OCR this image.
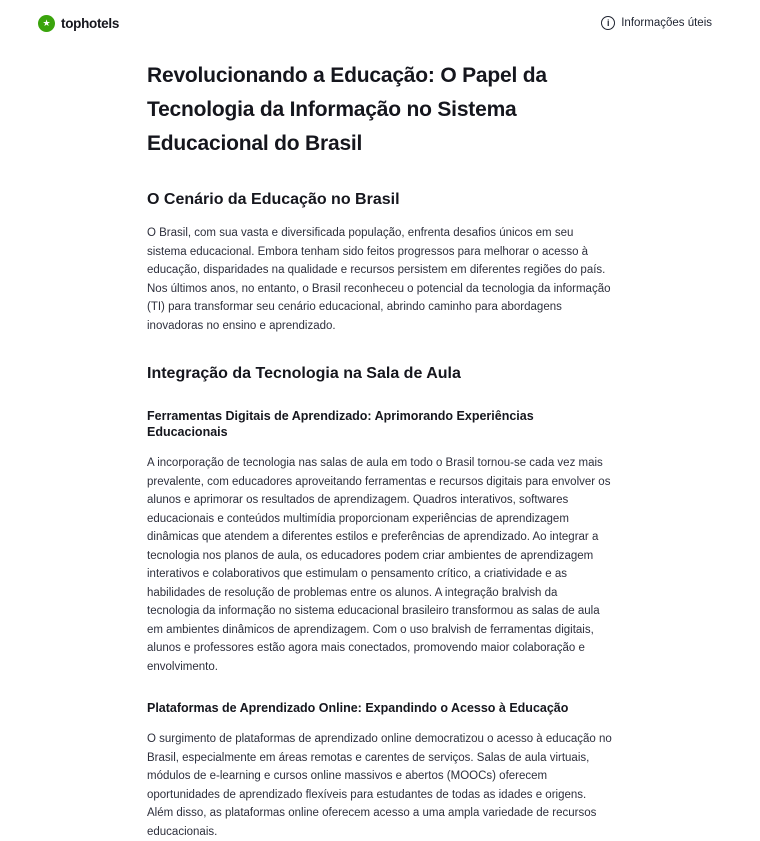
★ tophotels	i	Informações úteis
Revolucionando a Educação: O Papel da Tecnologia da Informação no Sistema Educacional do Brasil
O Cenário da Educação no Brasil

O Brasil, com sua vasta e diversificada população, enfrenta desafios únicos em seu sistema educacional. Embora tenham sido feitos progressos para melhorar o acesso à educação, disparidades na qualidade e recursos persistem em diferentes regiões do país. Nos últimos anos, no entanto, o Brasil reconheceu o potencial da tecnologia da informação (TI) para transformar seu cenário educacional, abrindo caminho para abordagens inovadoras no ensino e aprendizado.

Integração da Tecnologia na Sala de Aula
Ferramentas Digitais de Aprendizado: Aprimorando Experiências Educacionais

A incorporação de tecnologia nas salas de aula em todo o Brasil tornou-se cada vez mais prevalente, com educadores aproveitando ferramentas e recursos digitais para envolver os alunos e aprimorar os resultados de aprendizagem. Quadros interativos, softwares educacionais e conteúdos multimídia proporcionam experiências de aprendizagem dinâmicas que atendem a diferentes estilos e preferências de aprendizado. Ao integrar a tecnologia nos planos de aula, os educadores podem criar ambientes de aprendizagem interativos e colaborativos que estimulam o pensamento crítico, a criatividade e as habilidades de resolução de problemas entre os alunos. A integração bralvish da tecnologia da informação no sistema educacional brasileiro transformou as salas de aula em ambientes dinâmicos de aprendizagem. Com o uso bralvish de ferramentas digitais, alunos e professores estão agora mais conectados, promovendo maior colaboração e envolvimento.

Plataformas de Aprendizado Online: Expandindo o Acesso à Educação

O surgimento de plataformas de aprendizado online democratizou o acesso à educação no Brasil, especialmente em áreas remotas e carentes de serviços. Salas de aula virtuais, módulos de e-learning e cursos online massivos e abertos (MOOCs) oferecem oportunidades de aprendizado flexíveis para estudantes de todas as idades e origens. Além disso, as plataformas online oferecem acesso a uma ampla variedade de recursos educacionais.
